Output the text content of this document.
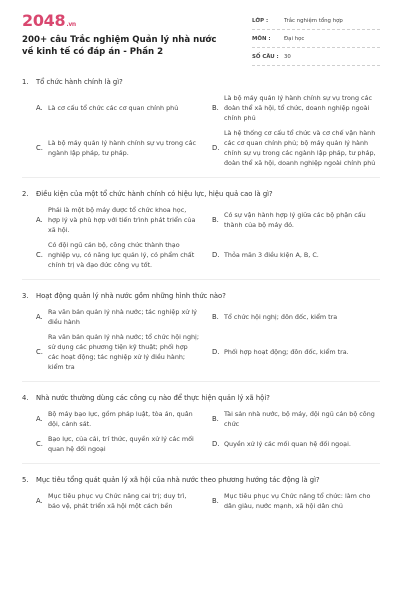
2048.vn
200+ câu Trắc nghiệm Quản lý nhà nước về kinh tế có đáp án - Phần 2
LỚP :	Trắc nghiệm tổng hợp
MÔN :	Đại học
SỐ CÂU : 30
1.	Tổ chức hành chính là gì?
A. Là cơ cấu tổ chức các cơ quan chính phủ	B.
Là bộ máy quản lý hành chính sự vụ trong các đoàn thể xã hội, tổ chức, doanh nghiệp ngoài chính phủ
C.
Là bộ máy quản lý hành chính sự vụ trong các ngành lập pháp, tư pháp.
D.
Là hệ thống cơ cấu tổ chức và cơ chế vận hành các cơ quan chính phủ; bộ máy quản lý hành chính sự vụ trong các ngành lập pháp, tư pháp, đoàn thể xã hội, doanh nghiệp ngoài chính phủ
2.	Điều kiện của một tổ chức hành chính có hiệu lực, hiệu quả cao là gì?
A.
Phải là một bộ máy được tổ chức khoa học, hợp lý và phù hợp với tiến trình phát triển của xã hội.
B.
Có sự vận hành hợp lý giữa các bộ phận cấu thành của bộ máy đó.
C.
Có đội ngũ cán bộ, công chức thành thạo nghiệp vụ, có năng lực quản lý, có phẩm chất chính trị và đạo đức công vụ tốt.
D. Thỏa mãn 3 điều kiện A, B, C.
3.	Hoạt động quản lý nhà nước gồm những hình thức nào?
A.
Ra văn bản quản lý nhà nước; tác nghiệp xử lý điều hành
B. Tổ chức hội nghị; đôn đốc, kiểm tra
C.
Ra văn bản quản lý nhà nước; tổ chức hội nghị; sử dụng các phương tiện kỹ thuật; phối hợp các hoạt động; tác nghiệp xử lý điều hành; kiểm tra
D. Phối hợp hoạt động; đôn đốc, kiểm tra.
4.	Nhà nước thường dùng các công cụ nào để thực hiện quản lý xã hội?
A.
Bộ máy bạo lực, gồm pháp luật, tòa án, quân đội, cảnh sát.
B.
Tài sản nhà nước, bộ máy, đội ngũ cán bộ công chức
C.
Bạo lực, của cải, trí thức, quyền xử lý các mối quan hệ đối ngoại
D. Quyền xử lý các mối quan hệ đối ngoại.
5.	Mục tiêu tổng quát quản lý xã hội của nhà nước theo phương hướng tác động là gì?
A.
Mục tiêu phục vụ Chức năng cai trị; duy trì, bảo vệ, phát triển xã hội một cách bền
B.
Mục tiêu phục vụ Chức năng tổ chức: làm cho dân giàu, nước mạnh, xã hội dân chủ
